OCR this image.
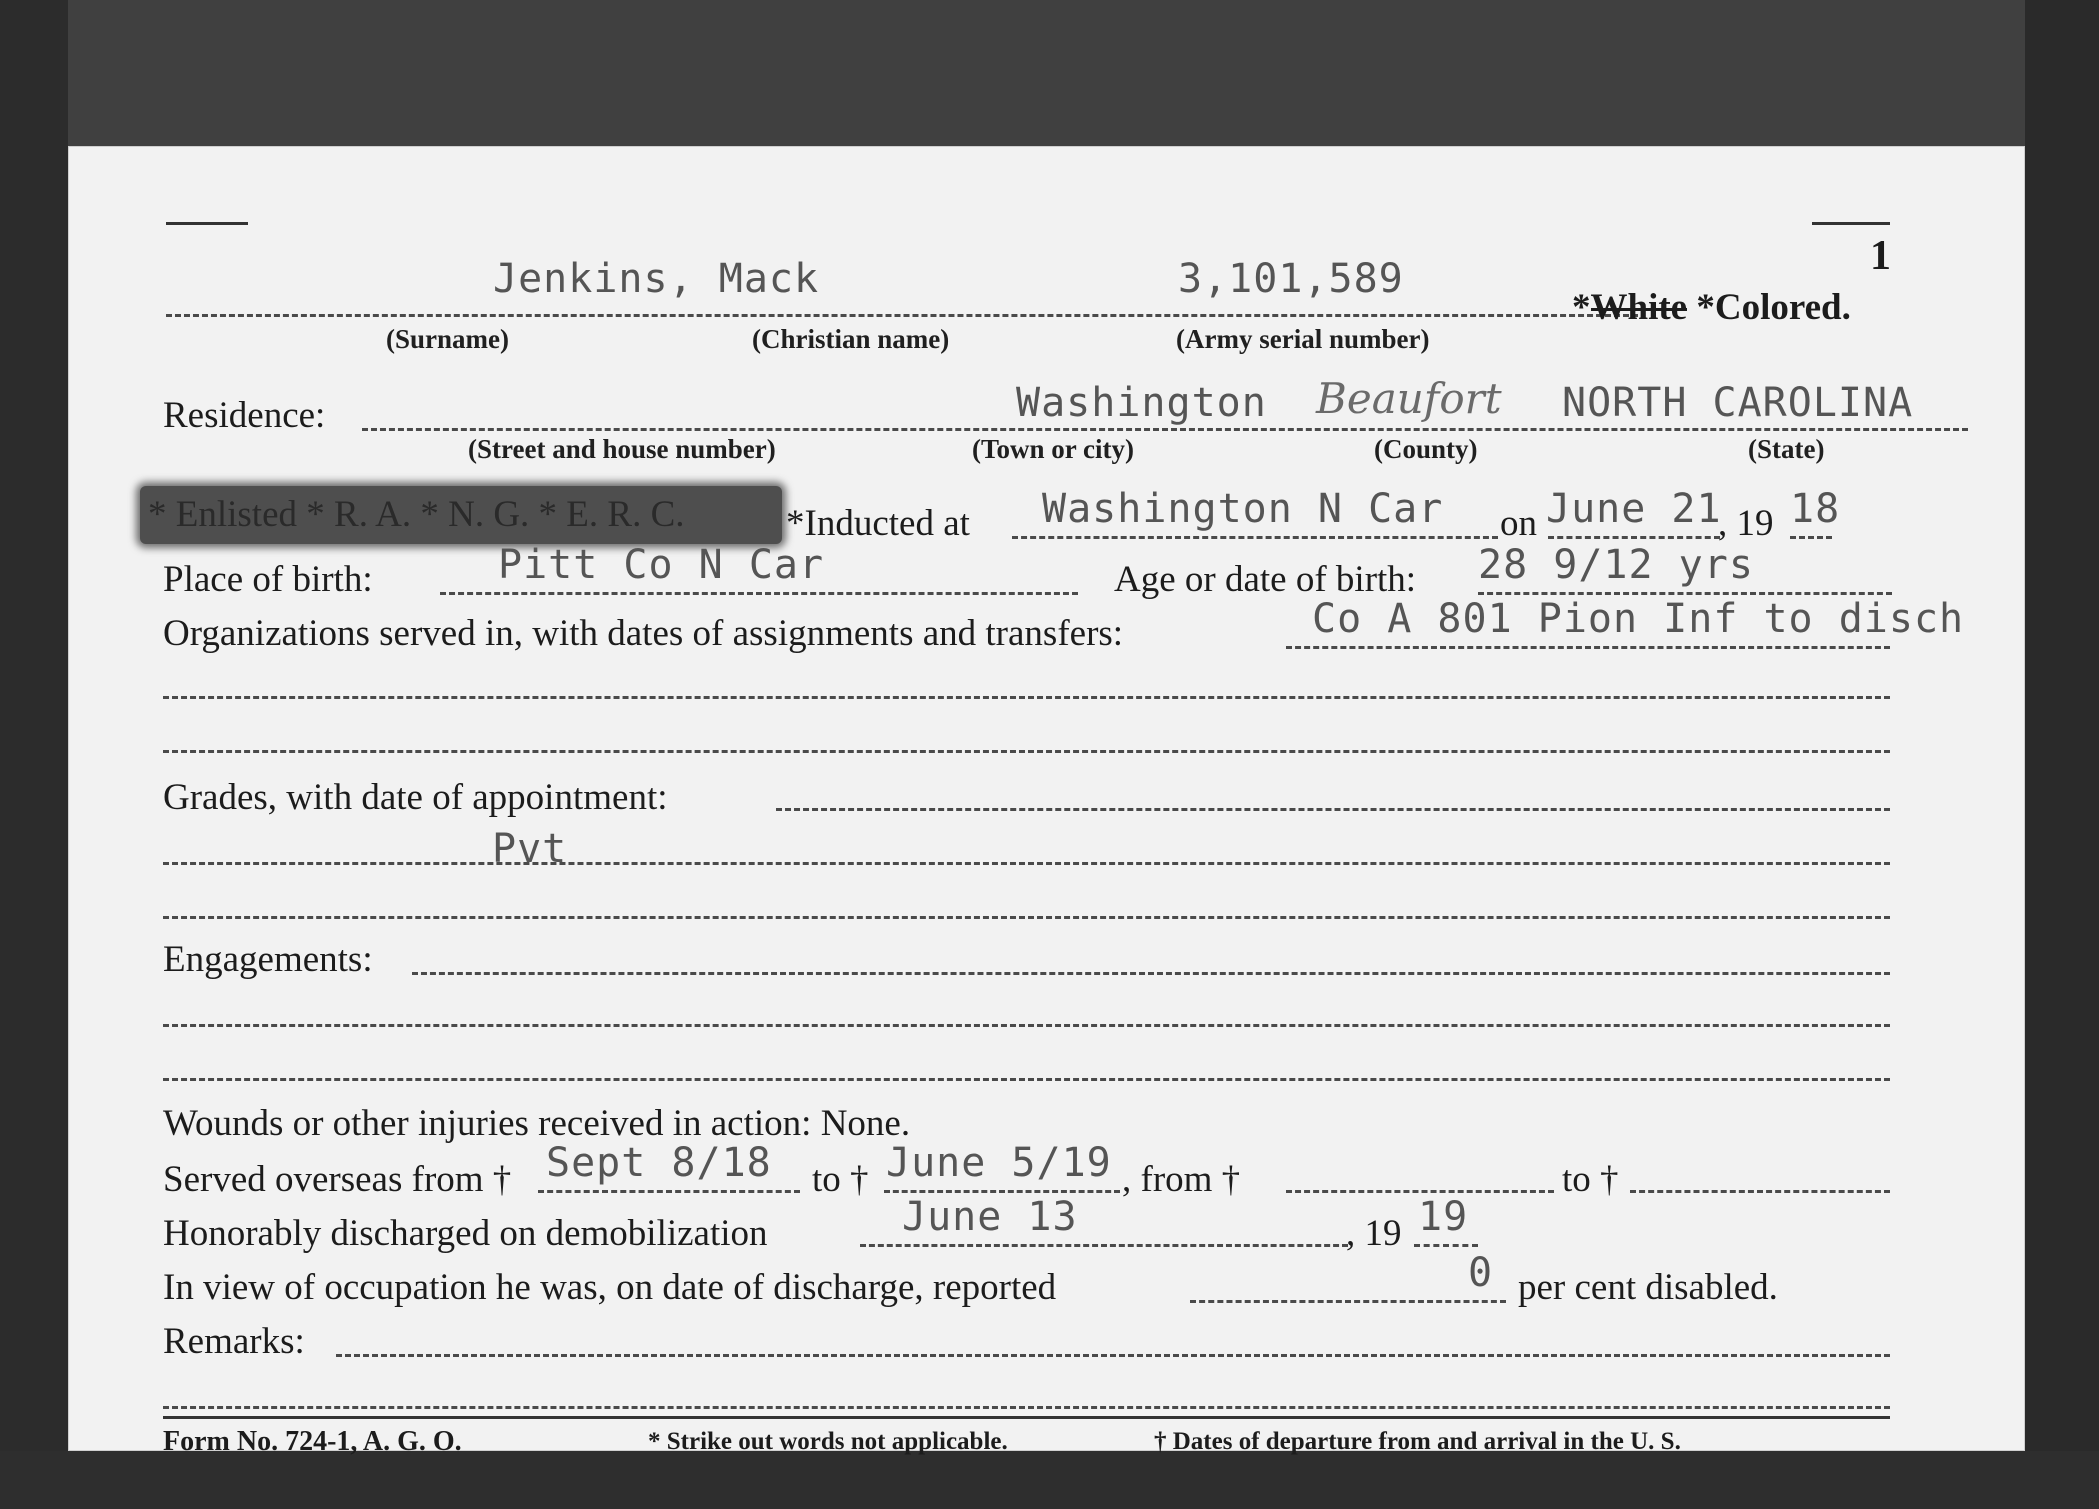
1
Jenkins, Mack	3,101,589
*White *Colored.
(Surname)	(Christian name)	(Army serial number)
Residence:	Washington Beaufort NORTH CAROLINA
(Street and house number)	(Town or city)	(County)	(State)
* Enlisted * R. A. * N. G. * E. R. C.	*Inducted at Washington N Car on June 21
, 19 18
Place of birth:	Pitt Co N Car	Age or date of birth: 28 9/12 yrs
Organizations served in, with dates of assignments and transfers:	Co A 801 Pion Inf to disch
Grades, with date of appointment:
Pvt
Engagements:
Wounds or other injuries received in action: None.
Served overseas from † Sept 8/18 to † June 5/19 , from †	to †
Honorably discharged on demobilization	June 13	, 19 19
In view of occupation he was, on date of discharge, reported	0 per cent disabled.
Remarks:
Form No. 724-1, A. G. O.	* Strike out words not applicable.	† Dates of departure from and arrival in the U. S.
